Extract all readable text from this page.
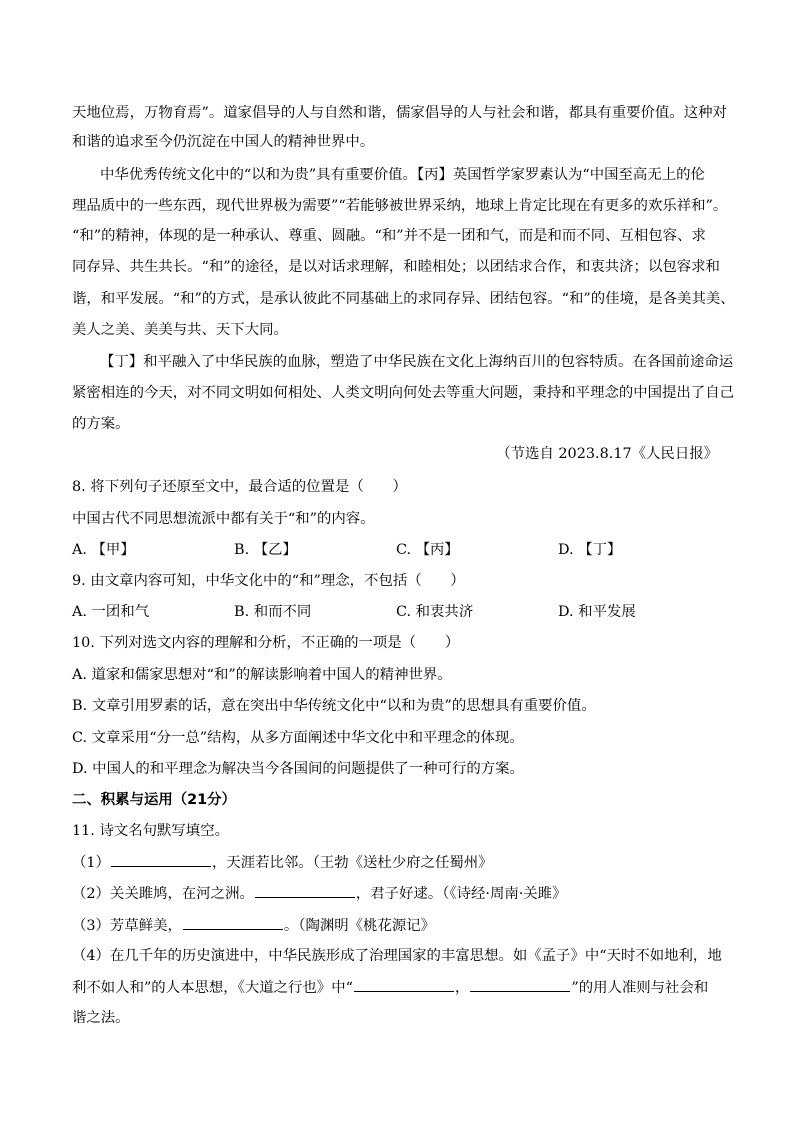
天地位焉，万物育焉”。道家倡导的人与自然和谐，儒家倡导的人与社会和谐，都具有重要价值。这种对
和谐的追求至今仍沉淀在中国人的精神世界中。
中华优秀传统文化中的“以和为贵”具有重要价值。【丙】英国哲学家罗素认为“中国至高无上的伦
理品质中的一些东西，现代世界极为需要”“若能够被世界采纳，地球上肯定比现在有更多的欢乐祥和”。
“和”的精神，体现的是一种承认、尊重、圆融。“和”并不是一团和气，而是和而不同、互相包容、求
同存异、共生共长。“和”的途径，是以对话求理解，和睦相处；以团结求合作，和衷共济；以包容求和
谐，和平发展。“和”的方式，是承认彼此不同基础上的求同存异、团结包容。“和”的佳境，是各美其美、
美人之美、美美与共、天下大同。
【丁】和平融入了中华民族的血脉，塑造了中华民族在文化上海纳百川的包容特质。在各国前途命运
紧密相连的今天，对不同文明如何相处、人类文明向何处去等重大问题，秉持和平理念的中国提出了自己
的方案。
（节选自 2023.8.17《人民日报》
8. 将下列句子还原至文中，最合适的位置是（　　）
中国古代不同思想流派中都有关于“和”的内容。
A. 【甲】	B. 【乙】	C. 【丙】	D. 【丁】
9. 由文章内容可知，中华文化中的“和”理念，不包括（　　）
A. 一团和气	B. 和而不同	C. 和衷共济	D. 和平发展
10. 下列对选文内容的理解和分析，不正确的一项是（　　）
A. 道家和儒家思想对“和”的解读影响着中国人的精神世界。
B. 文章引用罗素的话，意在突出中华传统文化中“以和为贵”的思想具有重要价值。
C. 文章采用“分一总”结构，从多方面阐述中华文化中和平理念的体现。
D. 中国人的和平理念为解决当今各国间的问题提供了一种可行的方案。
二、积累与运用（21分）
11. 诗文名句默写填空。
（1）	，天涯若比邻。（王勃《送杜少府之任蜀州》
（2）关关雎鸠，在河之洲。	，君子好逑。（《诗经·周南·关雎》
（3）芳草鲜美，	。（陶渊明《桃花源记》
（4）在几千年的历史演进中，中华民族形成了治理国家的丰富思想。如《孟子》中“天时不如地利，地
利不如人和”的人本思想，《大道之行也》中“	，	”的用人准则与社会和
谐之法。
